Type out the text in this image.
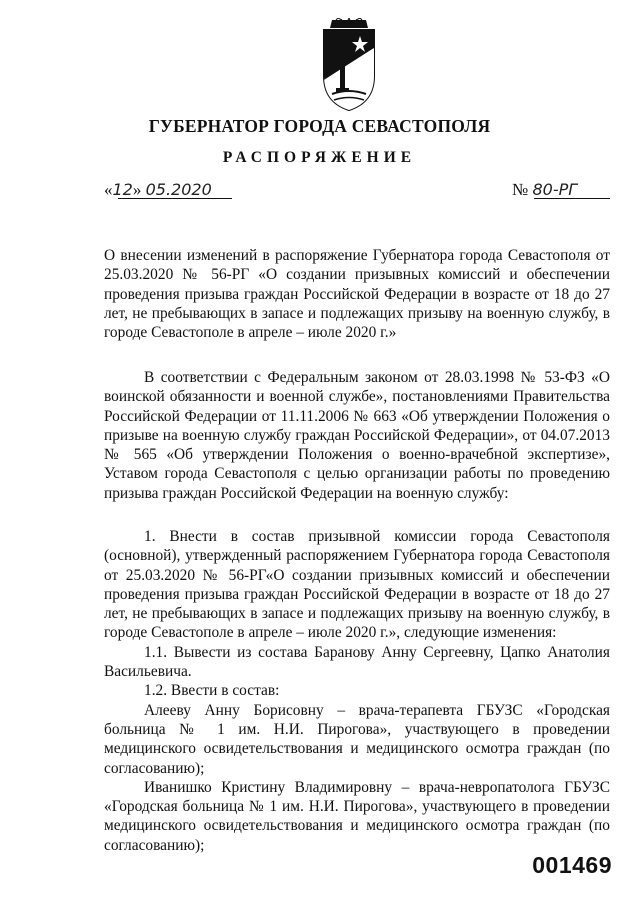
ГУБЕРНАТОР ГОРОДА СЕВАСТОПОЛЯ
РАСПОРЯЖЕНИЕ
«12» 05.2020	№ 80-РГ

О внесении изменений в распоряжение Губернатора города Севастополя от 25.03.2020 № 56-РГ «О создании призывных комиссий и обеспечении проведения призыва граждан Российской Федерации в возрасте от 18 до 27 лет, не пребывающих в запасе и подлежащих призыву на военную службу, в городе Севастополе в апреле – июле 2020 г.»

В соответствии с Федеральным законом от 28.03.1998 № 53-ФЗ «О воинской обязанности и военной службе», постановлениями Правительства Российской Федерации от 11.11.2006 № 663 «Об утверждении Положения о призыве на военную службу граждан Российской Федерации», от 04.07.2013 № 565 «Об утверждении Положения о военно-врачебной экспертизе», Уставом города Севастополя с целью организации работы по проведению призыва граждан Российской Федерации на военную службу:

1. Внести в состав призывной комиссии города Севастополя (основной), утвержденный распоряжением Губернатора города Севастополя от 25.03.2020 № 56-РГ«О создании призывных комиссий и обеспечении проведения призыва граждан Российской Федерации в возрасте от 18 до 27 лет, не пребывающих в запасе и подлежащих призыву на военную службу, в городе Севастополе в апреле – июле 2020 г.», следующие изменения:

1.1. Вывести из состава Баранову Анну Сергеевну, Цапко Анатолия Васильевича.

1.2. Ввести в состав:

Алееву Анну Борисовну – врача-терапевта ГБУЗС «Городская больница № 1 им. Н.И. Пирогова», участвующего в проведении медицинского освидетельствования и медицинского осмотра граждан (по согласованию);

Иванишко Кристину Владимировну – врача-невропатолога ГБУЗС «Городская больница № 1 им. Н.И. Пирогова», участвующего в проведении медицинского освидетельствования и медицинского осмотра граждан (по согласованию);

001469
